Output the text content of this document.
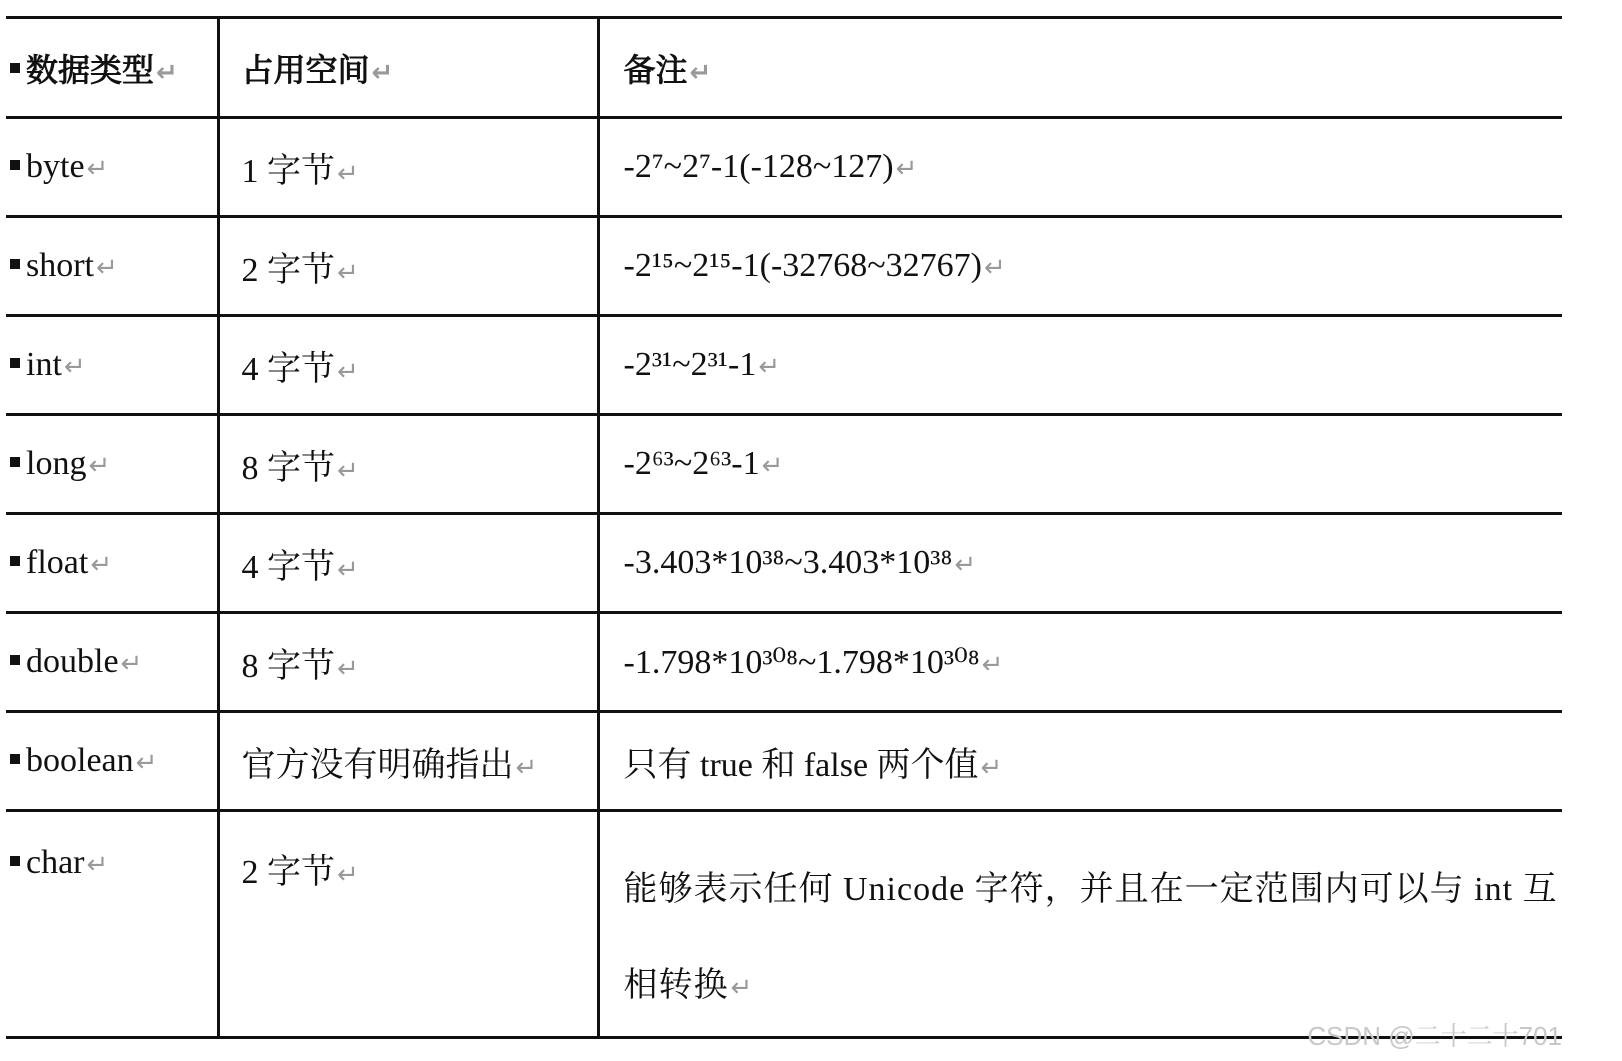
数据类型↵	占用空间↵	备注↵
byte↵	1 字节↵	-2⁷~2⁷-1(-128~127)↵
short↵	2 字节↵	-2¹⁵~2¹⁵-1(-32768~32767)↵
int↵	4 字节↵	-2³¹~2³¹-1↵
long↵	8 字节↵	-2⁶³~2⁶³-1↵
float↵	4 字节↵	-3.403*10³⁸~3.403*10³⁸↵
double↵	8 字节↵	-1.798*10³⁰⁸~1.798*10³⁰⁸↵
boolean↵	官方没有明确指出↵	只有 true 和 false 两个值↵
char↵	2 字节↵	能够表示任何 Unicode 字符，并且在一定范围内可以与 int 互相转换↵
CSDN @二十二十701
